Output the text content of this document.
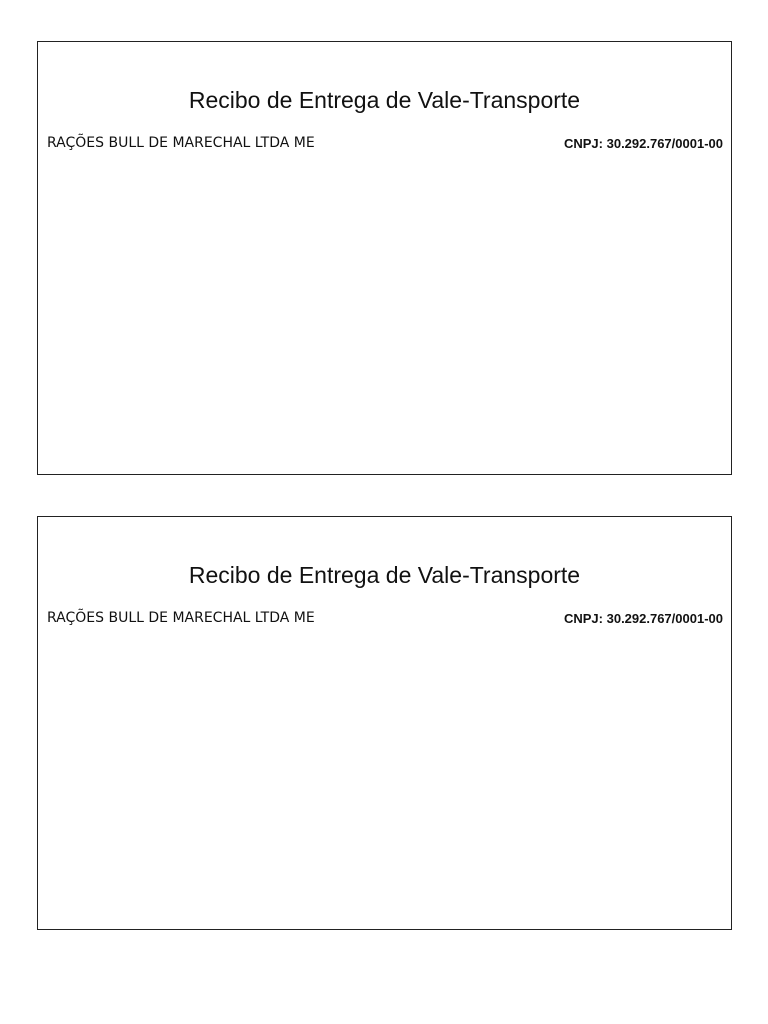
Recibo de Entrega de Vale-Transporte
RAÇÕES BULL DE MARECHAL LTDA ME	CNPJ: 30.292.767/0001-00
Recibo de Entrega de Vale-Transporte
RAÇÕES BULL DE MARECHAL LTDA ME	CNPJ: 30.292.767/0001-00
